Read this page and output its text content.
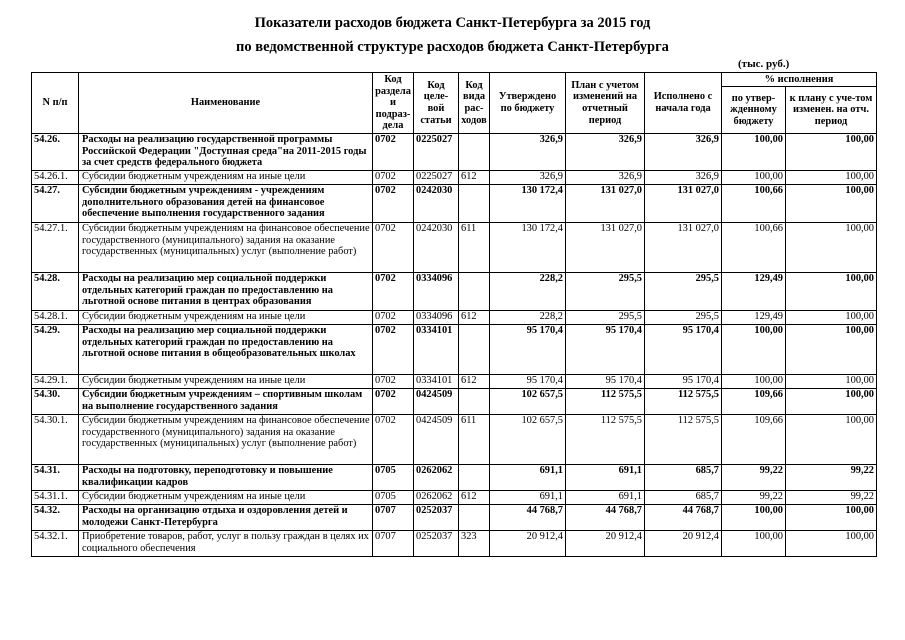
Показатели расходов бюджета Санкт-Петербурга за 2015 год
по ведомственной структуре расходов бюджета Санкт-Петербурга
(тыс. руб.)
N п/п	Наименование	Код раздела и подраз-дела	Код целе-вой статьи	Код вида рас-ходов	Утверждено по бюджету	План с учетом изменений на отчетный период	Исполнено с начала года	% исполнения	
								по утвер-жденному бюджету	к плану с уче-том изменен. на отч. период
54.26.	Расходы на реализацию государственной программы Российской Федерации "Доступная среда"на 2011-2015 годы за счет средств федерального бюджета	0702	0225027		326,9	326,9	326,9	100,00	100,00
54.26.1.	Субсидии бюджетным учреждениям на иные цели	0702	0225027	612	326,9	326,9	326,9	100,00	100,00
54.27.	Субсидии бюджетным учреждениям - учреждениям дополнительного образования детей на финансовое обеспечение выполнения государственного задания	0702	0242030		130 172,4	131 027,0	131 027,0	100,66	100,00
54.27.1.	Субсидии бюджетным учреждениям на финансовое обеспечение государственного (муниципального) задания на оказание государственных (муниципальных) услуг (выполнение работ)	0702	0242030	611	130 172,4	131 027,0	131 027,0	100,66	100,00
54.28.	Расходы на реализацию мер социальной поддержки отдельных категорий граждан по предоставлению на льготной основе питания в центрах образования	0702	0334096		228,2	295,5	295,5	129,49	100,00
54.28.1.	Субсидии бюджетным учреждениям на иные цели	0702	0334096	612	228,2	295,5	295,5	129,49	100,00
54.29.	Расходы на реализацию мер социальной поддержки отдельных категорий граждан по предоставлению на льготной основе питания в общеобразовательных школах	0702	0334101		95 170,4	95 170,4	95 170,4	100,00	100,00
54.29.1.	Субсидии бюджетным учреждениям на иные цели	0702	0334101	612	95 170,4	95 170,4	95 170,4	100,00	100,00
54.30.	Субсидии бюджетным учреждениям – спортивным школам на выполнение государственного задания	0702	0424509		102 657,5	112 575,5	112 575,5	109,66	100,00
54.30.1.	Субсидии бюджетным учреждениям на финансовое обеспечение государственного (муниципального) задания на оказание государственных (муниципальных) услуг (выполнение работ)	0702	0424509	611	102 657,5	112 575,5	112 575,5	109,66	100,00
54.31.	Расходы на подготовку, переподготовку и повышение квалификации кадров	0705	0262062		691,1	691,1	685,7	99,22	99,22
54.31.1.	Субсидии бюджетным учреждениям на иные цели	0705	0262062	612	691,1	691,1	685,7	99,22	99,22
54.32.	Расходы на организацию отдыха и оздоровления детей и молодежи Санкт-Петербурга	0707	0252037		44 768,7	44 768,7	44 768,7	100,00	100,00
54.32.1.	Приобретение товаров, работ, услуг в пользу граждан в целях их социального обеспечения	0707	0252037	323	20 912,4	20 912,4	20 912,4	100,00	100,00
